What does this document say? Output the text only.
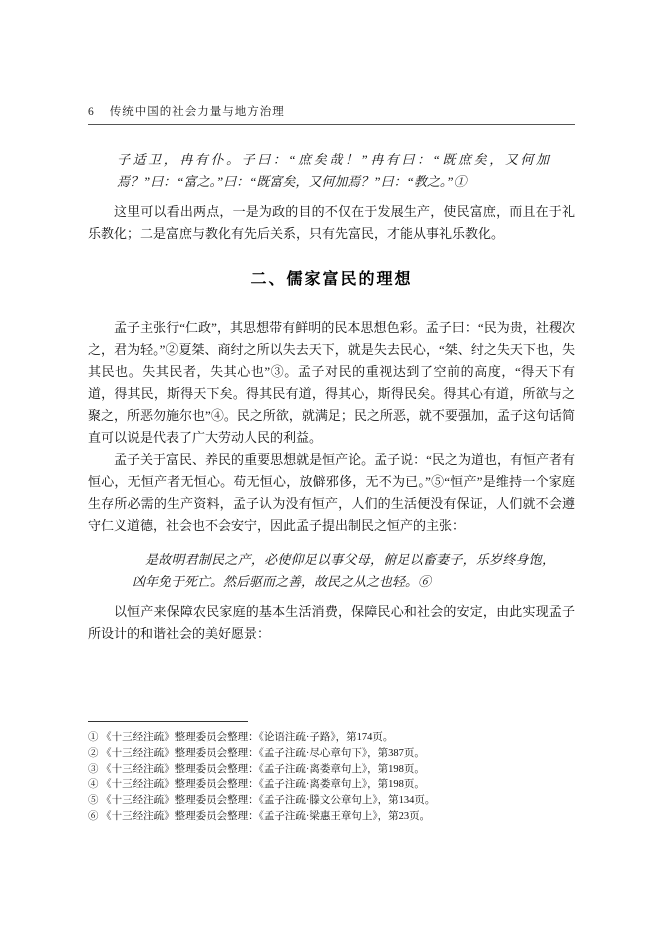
6 传统中国的社会力量与地方治理

子适卫，冉有仆。子曰：“庶矣哉！”冉有曰：“既庶矣，又何加焉？”曰：“富之。”曰：“既富矣，又何加焉？”曰：“教之。”①

这里可以看出两点，一是为政的目的不仅在于发展生产，使民富庶，而且在于礼乐教化；二是富庶与教化有先后关系，只有先富民，才能从事礼乐教化。

二、儒家富民的理想

孟子主张行“仁政”，其思想带有鲜明的民本思想色彩。孟子曰：“民为贵，社稷次之，君为轻。”②夏桀、商纣之所以失去天下，就是失去民心，“桀、纣之失天下也，失其民也。失其民者，失其心也”③。孟子对民的重视达到了空前的高度，“得天下有道，得其民，斯得天下矣。得其民有道，得其心，斯得民矣。得其心有道，所欲与之聚之，所恶勿施尔也”④。民之所欲，就满足；民之所恶，就不要强加，孟子这句话简直可以说是代表了广大劳动人民的利益。

孟子关于富民、养民的重要思想就是恒产论。孟子说：“民之为道也，有恒产者有恒心，无恒产者无恒心。苟无恒心，放僻邪侈，无不为已。”⑤“恒产”是维持一个家庭生存所必需的生产资料，孟子认为没有恒产，人们的生活便没有保证，人们就不会遵守仁义道德，社会也不会安宁，因此孟子提出制民之恒产的主张：

是故明君制民之产，必使仰足以事父母，俯足以畜妻子，乐岁终身饱，凶年免于死亡。然后驱而之善，故民之从之也轻。⑥

以恒产来保障农民家庭的基本生活消费，保障民心和社会的安定，由此实现孟子所设计的和谐社会的美好愿景：

① 《十三经注疏》整理委员会整理：《论语注疏·子路》，第174页。

② 《十三经注疏》整理委员会整理：《孟子注疏·尽心章句下》，第387页。

③ 《十三经注疏》整理委员会整理：《孟子注疏·离娄章句上》，第198页。

④ 《十三经注疏》整理委员会整理：《孟子注疏·离娄章句上》，第198页。

⑤ 《十三经注疏》整理委员会整理：《孟子注疏·滕文公章句上》，第134页。

⑥ 《十三经注疏》整理委员会整理：《孟子注疏·梁惠王章句上》，第23页。
